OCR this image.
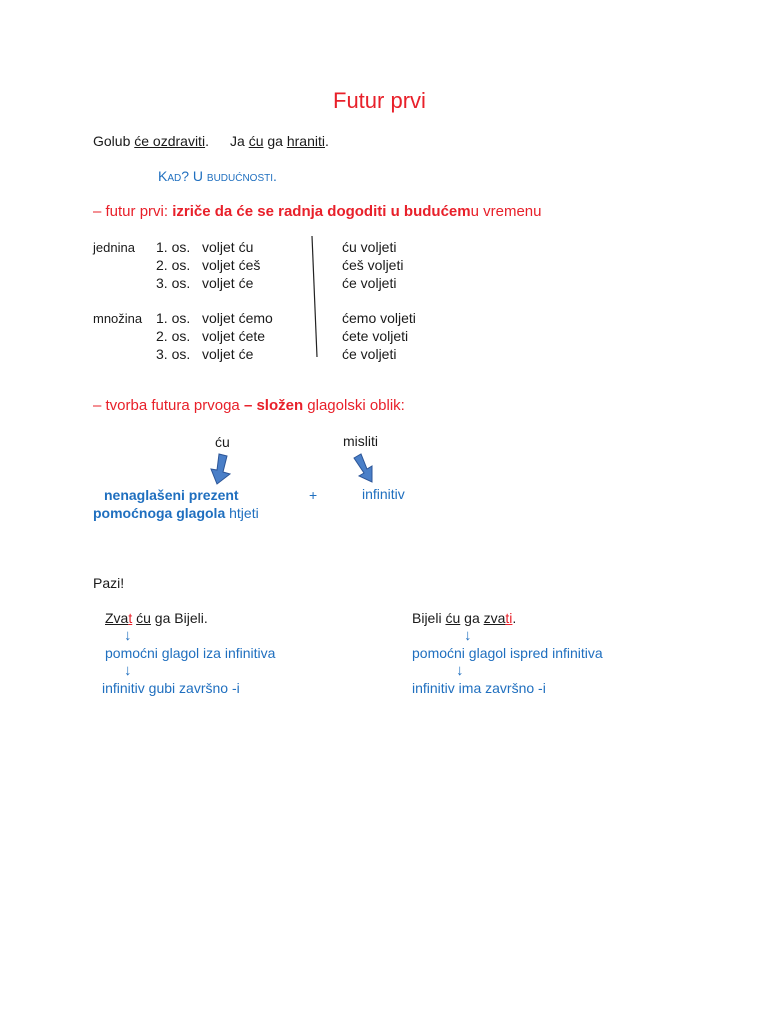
Futur prvi
Golub će ozdraviti. Ja ću ga hraniti.
Kad? U budućnosti.
– futur prvi: izriče da će se radnja dogoditi u budućemu vremenu
jednina 1. os. voljet ću	ću voljeti
2. os. voljet ćeš	ćeš voljeti
3. os. voljet će	će voljeti
množina 1. os. voljet ćemo	ćemo voljeti
2. os. voljet ćete	ćete voljeti
3. os. voljet će	će voljeti
– tvorba futura prvoga – složen glagolski oblik:
ću	misliti
nenaglašeni prezent
pomoćnoga glagola htjeti
+	infinitiv
Pazi!
Zvat ću ga Bijeli.
↓
pomoćni glagol iza infinitiva
↓
infinitiv gubi završno -i
Bijeli ću ga zvati.
↓
pomoćni glagol ispred infinitiva
↓
infinitiv ima završno -i
